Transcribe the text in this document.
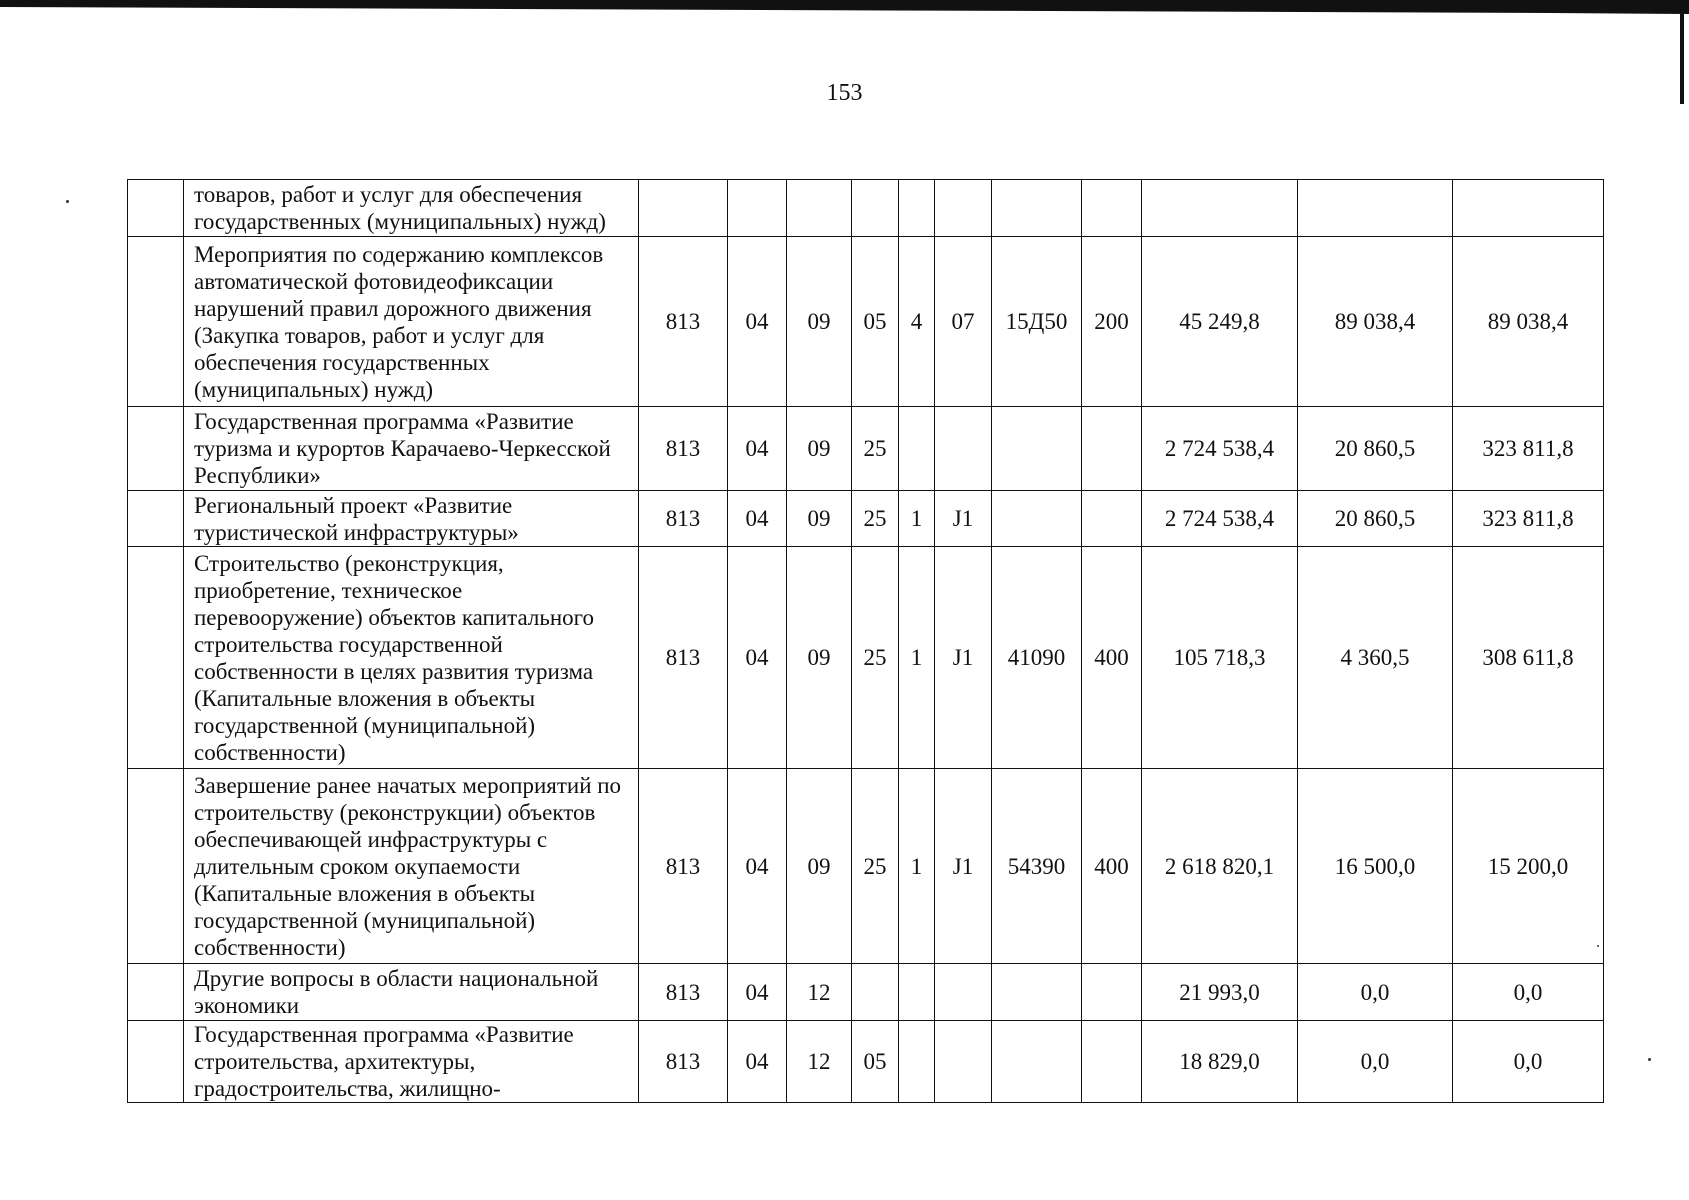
153
	товаров, работ и услуг для обеспечения государственных (муниципальных) нужд)											
	Мероприятия по содержанию комплексов автоматической фотовидеофиксации нарушений правил дорожного движения (Закупка товаров, работ и услуг для обеспечения государственных (муниципальных) нужд)	813	04	09	05	4	07	15Д50	200	45 249,8	89 038,4	89 038,4
	Государственная программа «Развитие туризма и курортов Карачаево-Черкесской Республики»	813	04	09	25					2 724 538,4	20 860,5	323 811,8
	Региональный проект «Развитие туристической инфраструктуры»	813	04	09	25	1	J1			2 724 538,4	20 860,5	323 811,8
	Строительство (реконструкция, приобретение, техническое перевооружение) объектов капитального строительства государственной собственности в целях развития туризма (Капитальные вложения в объекты государственной (муниципальной) собственности)	813	04	09	25	1	J1	41090	400	105 718,3	4 360,5	308 611,8
	Завершение ранее начатых мероприятий по строительству (реконструкции) объектов обеспечивающей инфраструктуры с длительным сроком окупаемости (Капитальные вложения в объекты государственной (муниципальной) собственности)	813	04	09	25	1	J1	54390	400	2 618 820,1	16 500,0	15 200,0
	Другие вопросы в области национальной экономики	813	04	12						21 993,0	0,0	0,0
	Государственная программа «Развитие строительства, архитектуры, градостроительства, жилищно-	813	04	12	05					18 829,0	0,0	0,0
